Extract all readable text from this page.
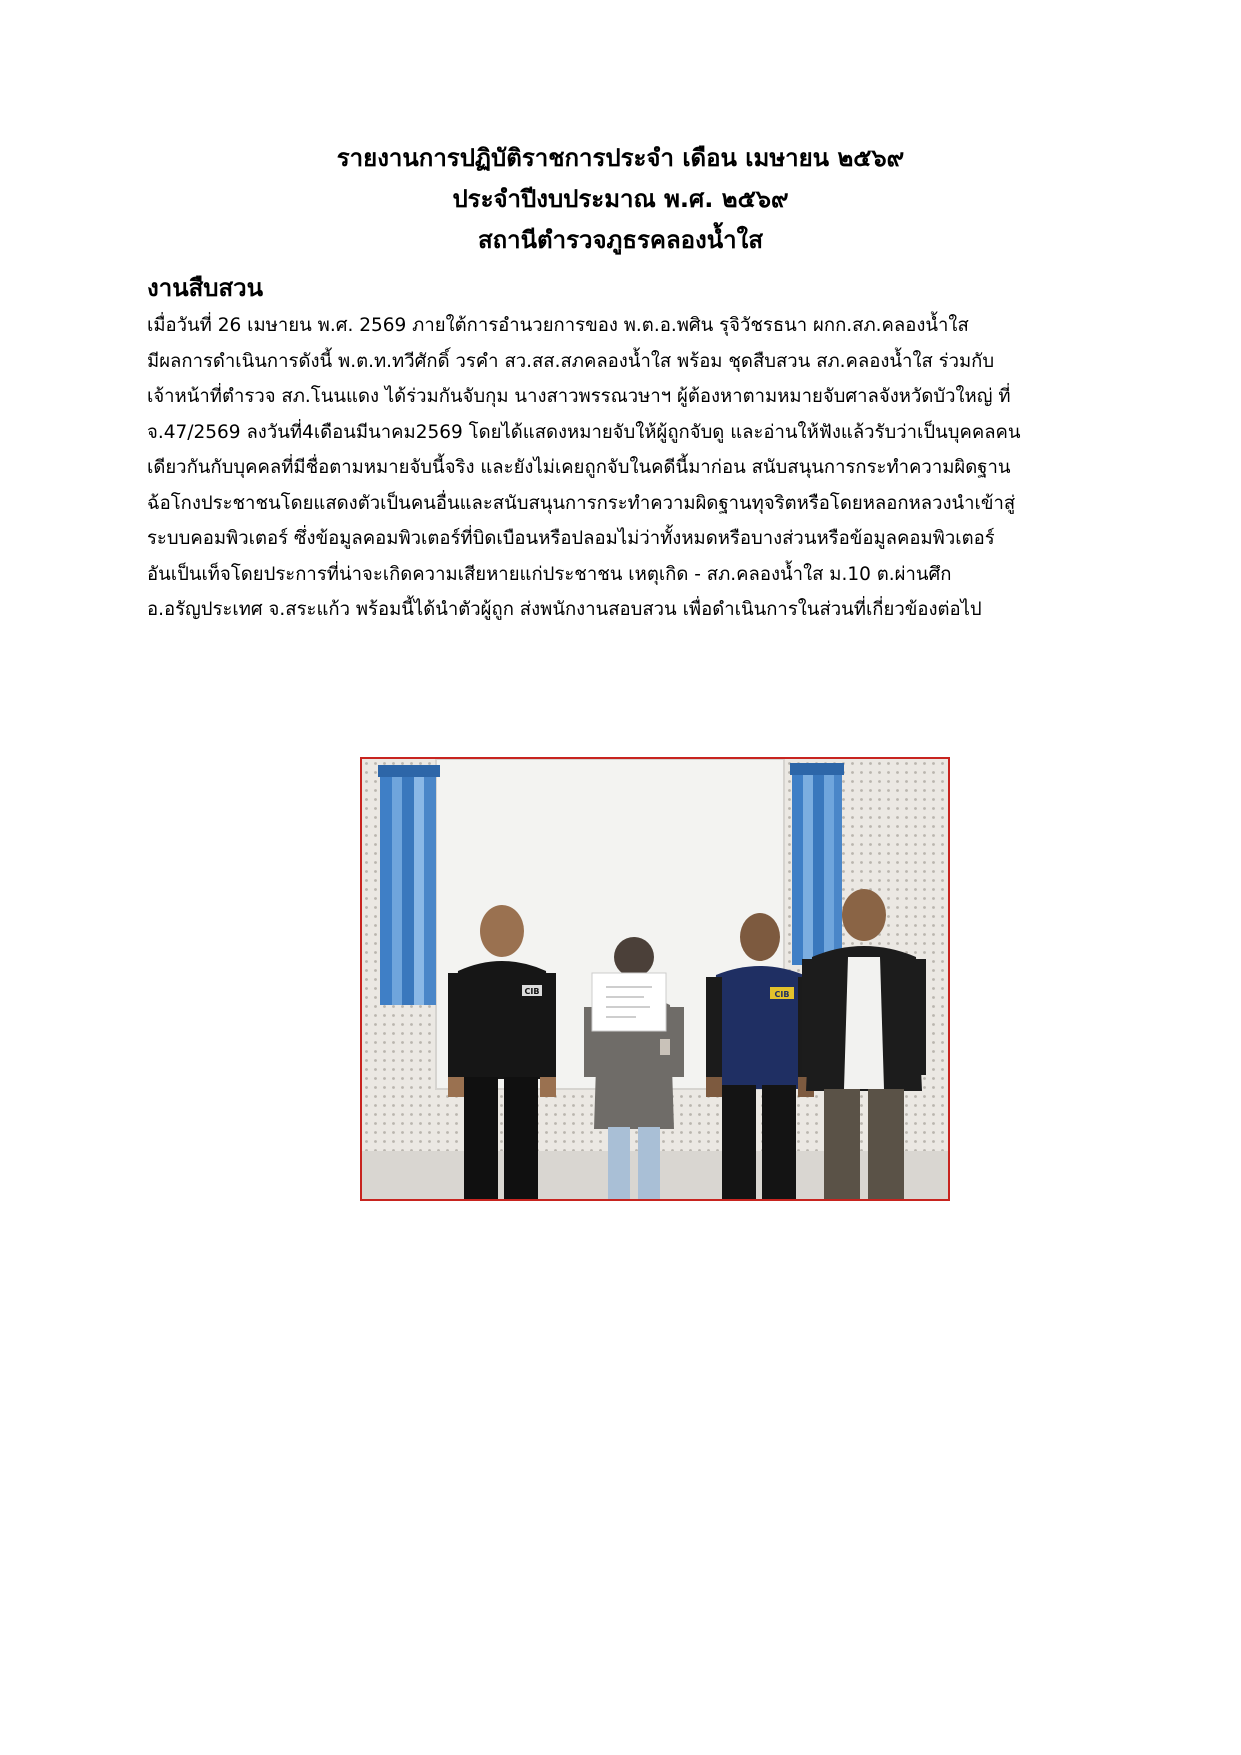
รายงานการปฏิบัติราชการประจำ เดือน เมษายน ๒๕๖๙
ประจำปีงบประมาณ พ.ศ. ๒๕๖๙
สถานีตำรวจภูธรคลองน้ำใส
งานสืบสวน
เมื่อวันที่ 26 เมษายน พ.ศ. 2569 ภายใต้การอำนวยการของ พ.ต.อ.พศิน รุจิวัชรธนา ผกก.สภ.คลองน้ำใส
มีผลการดำเนินการดังนี้ พ.ต.ท.ทวีศักดิ์ วรคำ สว.สส.สภคลองน้ำใส พร้อม ชุดสืบสวน สภ.คลองน้ำใส ร่วมกับ
เจ้าหน้าที่ตำรวจ สภ.โนนแดง ได้ร่วมกันจับกุม นางสาวพรรณวษาฯ ผู้ต้องหาตามหมายจับศาลจังหวัดบัวใหญ่ ที่
จ.47/2569 ลงวันที่4เดือนมีนาคม2569 โดยได้แสดงหมายจับให้ผู้ถูกจับดู และอ่านให้ฟังแล้วรับว่าเป็นบุคคลคน
เดียวกันกับบุคคลที่มีชื่อตามหมายจับนี้จริง และยังไม่เคยถูกจับในคดีนี้มาก่อน สนับสนุนการกระทำความผิดฐาน
ฉ้อโกงประชาชนโดยแสดงตัวเป็นคนอื่นและสนับสนุนการกระทำความผิดฐานทุจริตหรือโดยหลอกหลวงนำเข้าสู่
ระบบคอมพิวเตอร์ ซึ่งข้อมูลคอมพิวเตอร์ที่บิดเบือนหรือปลอมไม่ว่าทั้งหมดหรือบางส่วนหรือข้อมูลคอมพิวเตอร์
อันเป็นเท็จโดยประการที่น่าจะเกิดความเสียหายแก่ประชาชน เหตุเกิด - สภ.คลองน้ำใส ม.10 ต.ผ่านศึก
อ.อรัญประเทศ จ.สระแก้ว พร้อมนี้ได้นำตัวผู้ถูก ส่งพนักงานสอบสวน เพื่อดำเนินการในส่วนที่เกี่ยวข้องต่อไป
CIB	CIB
